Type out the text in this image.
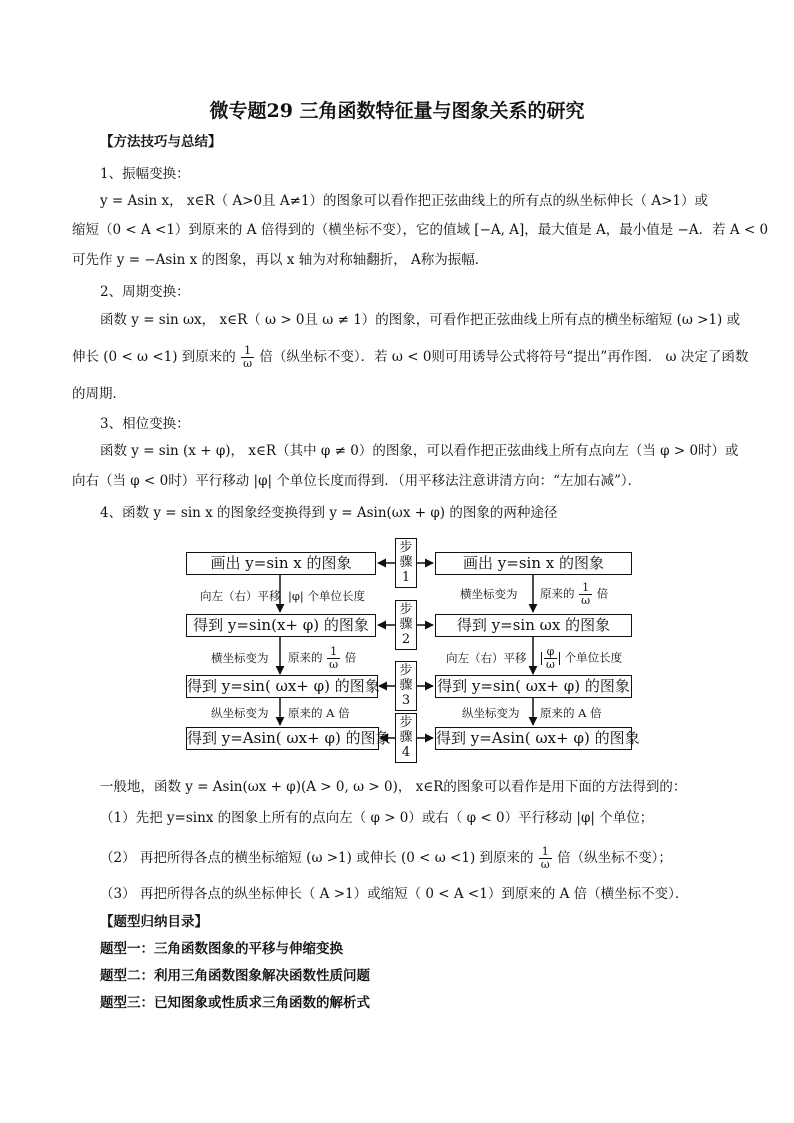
微专题29 三角函数特征量与图象关系的研究
【方法技巧与总结】
1、振幅变换：
y = Asin x， x∈R（ A>0且 A≠1）的图象可以看作把正弦曲线上的所有点的纵坐标伸长（ A>1）或
缩短（0 < A <1）到原来的 A 倍得到的（横坐标不变），它的值域 [−A, A]，最大值是 A，最小值是 −A．若 A < 0
可先作 y = −Asin x 的图象，再以 x 轴为对称轴翻折， A称为振幅．
2、周期变换：
函数 y = sin ωx， x∈R（ ω > 0且 ω ≠ 1）的图象，可看作把正弦曲线上所有点的横坐标缩短 (ω >1) 或
伸长 (0 < ω <1) 到原来的 $\frac{1}{\omega}$ 倍（纵坐标不变）．若 ω < 0则可用诱导公式将符号“提出”再作图． ω 决定了函数
的周期．
3、相位变换：
函数 y = sin (x + φ)， x∈R（其中 φ ≠ 0）的图象，可以看作把正弦曲线上所有点向左（当 φ > 0时）或
向右（当 φ < 0时）平行移动 |φ| 个单位长度而得到．（用平移法注意讲清方向：“左加右减”）．
4、函数 y = sin x 的图象经变换得到 y = Asin(ωx + φ) 的图象的两种途径
画出 y=sin x 的图象
得到 y=sin(x+ φ) 的图象
得到 y=sin( ωx+ φ) 的图象
得到 y=Asin( ωx+ φ) 的图象
画出 y=sin x 的图象
得到 y=sin ωx 的图象
得到 y=sin( ωx+ φ) 的图象
得到 y=Asin( ωx+ φ) 的图象
步
骤
1
步
骤
2
步
骤
3
步
骤
4
向左（右）平移 |φ| 个单位长度
横坐标变为 原来的 $\frac{1}{\omega}$ 倍
纵坐标变为 原来的 A 倍
横坐标变为 原来的 $\frac{1}{\omega}$ 倍
向左（右）平移 $\frac{\varphi}{\omega}$ 个单位长度
纵坐标变为 原来的 A 倍
一般地，函数 y = Asin(ωx + φ)(A > 0, ω > 0)， x∈R的图象可以看作是用下面的方法得到的：
（1）先把 y=sinx 的图象上所有的点向左（ φ > 0）或右（ φ < 0）平行移动 |φ| 个单位；
（2） 再把所得各点的横坐标缩短 (ω >1) 或伸长 (0 < ω <1) 到原来的 $\frac{1}{\omega}$ 倍（纵坐标不变）；
（3） 再把所得各点的纵坐标伸长（ A >1）或缩短（ 0 < A <1）到原来的 A 倍（横坐标不变）．
【题型归纳目录】
题型一：三角函数图象的平移与伸缩变换
题型二：利用三角函数图象解决函数性质问题
题型三：已知图象或性质求三角函数的解析式
